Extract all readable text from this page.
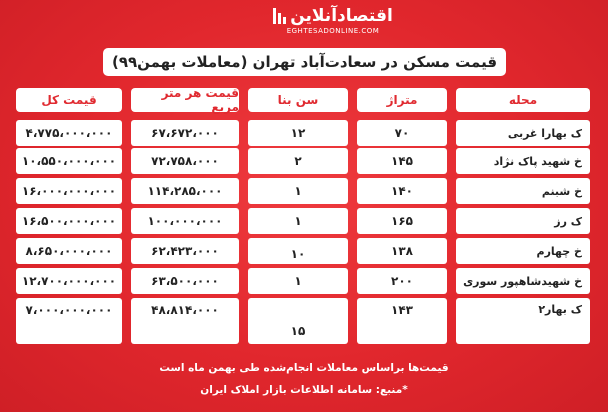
اقتصادآنلاین
EGHTESADONLINE.COM
قیمت مسکن در سعادت‌آباد تهران (معاملات بهمن۹۹)
محله
متراژ
سن بنا
قیمت هر متر مربع
قیمت کل
ک بهارا غربی
۷۰
۱۲
۶۷،۶۷۲،۰۰۰
۴،۷۷۵،۰۰۰،۰۰۰
خ شهید پاک نژاد
۱۴۵
۲
۷۲،۷۵۸،۰۰۰
۱۰،۵۵۰،۰۰۰،۰۰۰
خ شبنم
۱۴۰
۱
۱۱۴،۲۸۵،۰۰۰
۱۶،۰۰۰،۰۰۰،۰۰۰
ک رز
۱۶۵
۱
۱۰۰،۰۰۰،۰۰۰
۱۶،۵۰۰،۰۰۰،۰۰۰
خ چهارم
۱۳۸
۱۰
۶۲،۴۲۳،۰۰۰
۸،۶۵۰،۰۰۰،۰۰۰
خ شهیدشاهپور سوری
۲۰۰
۱
۶۳،۵۰۰،۰۰۰
۱۲،۷۰۰،۰۰۰،۰۰۰
ک بهار۲
۱۴۳
۱۵
۴۸،۸۱۴،۰۰۰
۷،۰۰۰،۰۰۰،۰۰۰
قیمت‌ها براساس معاملات انجام‌شده طی بهمن ماه است
*منبع: سامانه اطلاعات بازار املاک ایران
